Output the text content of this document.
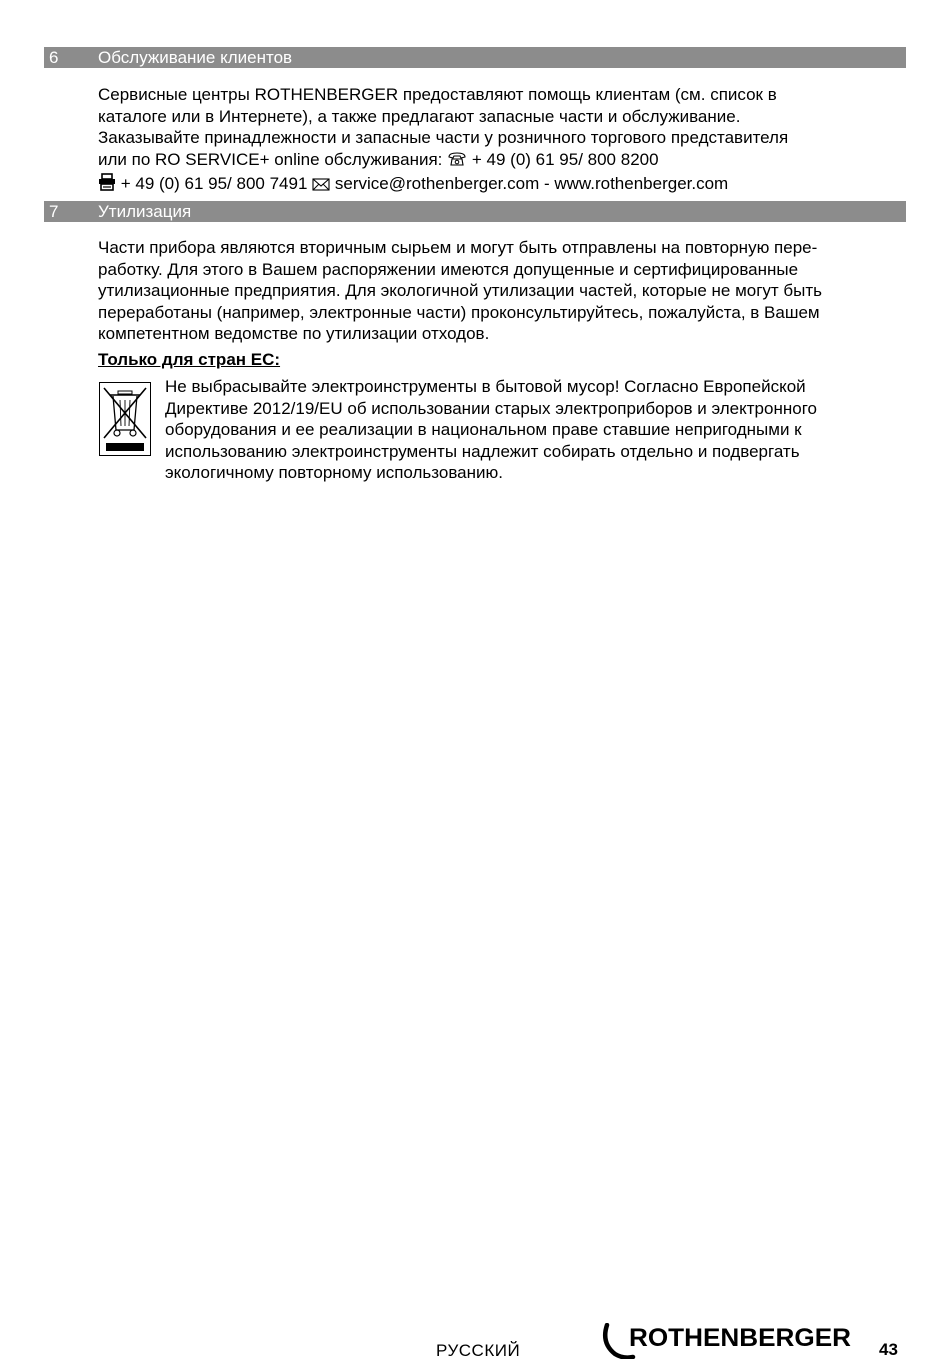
6 Обслуживание клиентов
Сервисные центры ROTHENBERGER предоставляют помощь клиентам (см. список в
каталоге или в Интернете), а также предлагают запасные части и обслуживание.
Заказывайте принадлежности и запасные части у розничного торгового представителя
или по RO SERVICE+ online обслуживания: + 49 (0) 61 95/ 800 8200
+ 49 (0) 61 95/ 800 7491 service@rothenberger.com - www.rothenberger.com
7 Утилизация
Части прибора являются вторичным сырьем и могут быть отправлены на повторную пере-
работку. Для этого в Вашем распоряжении имеются допущенные и сертифицированные
утилизационные предприятия. Для экологичной утилизации частей, которые не могут быть
переработаны (например, электронные части) проконсультируйтесь, пожалуйста, в Вашем
компетентном ведомстве по утилизации отходов.
Только для стран ЕС:
Не выбрасывайте электроинструменты в бытовой мусор! Согласно Европейской
Директиве 2012/19/EU об использовании старых электроприборов и электронного
оборудования и ее реализации в национальном праве ставшие непригодными к
использованию электроинструменты надлежит собирать отдельно и подвергать
экологичному повторному использованию.
РУССКИЙ	ROTHENBERGER 43
